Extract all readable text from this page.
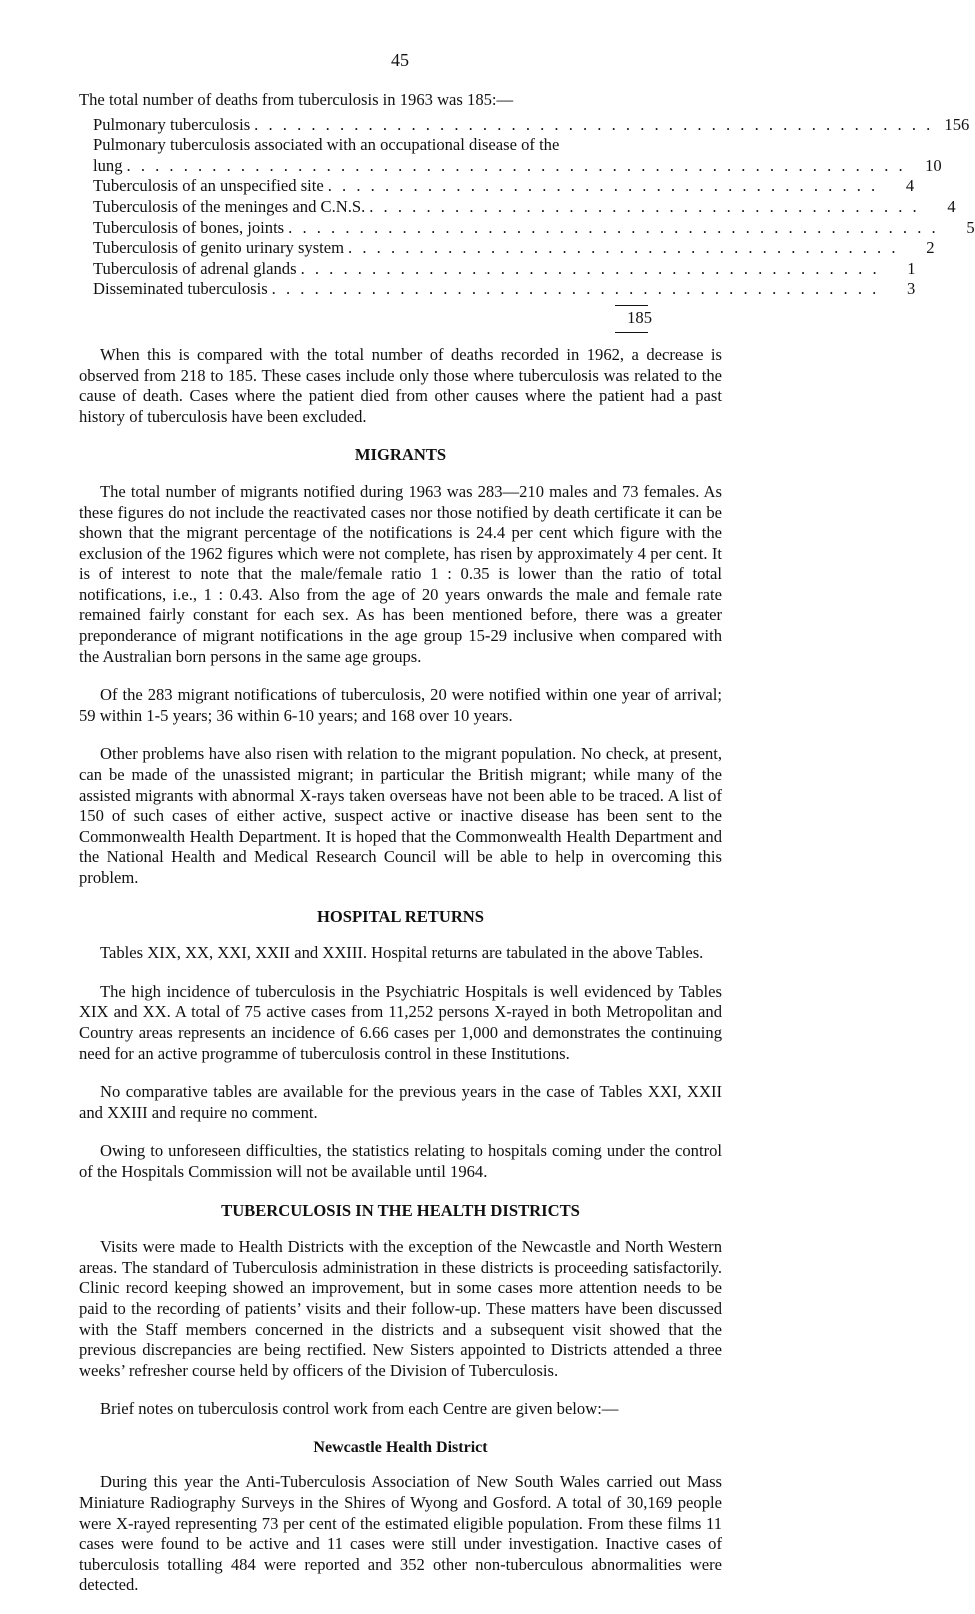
45

The total number of deaths from tuberculosis in 1963 was 185:—

Pulmonary tuberculosis . . . . . . . . . . . . . . . . . . . . . . . . . . . . . . . . . . . . . . . . . . . . . . . . 156
Pulmonary tuberculosis associated with an occupational disease of the
lung . . . . . . . . . . . . . . . . . . . . . . . . . . . . . . . . . . . . . . . . . . . . . . . . . . . . . . .	10
Tuberculosis of an unspecified site . . . . . . . . . . . . . . . . . . . . . . . . . . . . . . . . . . . . . . .	4
Tuberculosis of the meninges and C.N.S. . . . . . . . . . . . . . . . . . . . . . . . . . . . . . . . . . . . . . . .	4
Tuberculosis of bones, joints . . . . . . . . . . . . . . . . . . . . . . . . . . . . . . . . . . . . . . . . . . . . . .	5
Tuberculosis of genito urinary system . . . . . . . . . . . . . . . . . . . . . . . . . . . . . . . . . . . . . . .	2
Tuberculosis of adrenal glands . . . . . . . . . . . . . . . . . . . . . . . . . . . . . . . . . . . . . . . . .	1
Disseminated tuberculosis . . . . . . . . . . . . . . . . . . . . . . . . . . . . . . . . . . . . . . . . . . .	3
185

When this is compared with the total number of deaths recorded in 1962, a decrease is observed from 218 to 185. These cases include only those where tuberculosis was related to the cause of death. Cases where the patient died from other causes where the patient had a past history of tuberculosis have been excluded.

MIGRANTS

The total number of migrants notified during 1963 was 283—210 males and 73 females. As these figures do not include the reactivated cases nor those notified by death certificate it can be shown that the migrant percentage of the notifications is 24.4 per cent which figure with the exclusion of the 1962 figures which were not complete, has risen by approximately 4 per cent. It is of interest to note that the male/female ratio 1 : 0.35 is lower than the ratio of total notifications, i.e., 1 : 0.43. Also from the age of 20 years onwards the male and female rate remained fairly constant for each sex. As has been mentioned before, there was a greater preponderance of migrant notifications in the age group 15-29 inclusive when compared with the Australian born persons in the same age groups.

Of the 283 migrant notifications of tuberculosis, 20 were notified within one year of arrival; 59 within 1-5 years; 36 within 6-10 years; and 168 over 10 years.

Other problems have also risen with relation to the migrant population. No check, at present, can be made of the unassisted migrant; in particular the British migrant; while many of the assisted migrants with abnormal X-rays taken overseas have not been able to be traced. A list of 150 of such cases of either active, suspect active or inactive disease has been sent to the Commonwealth Health Department. It is hoped that the Commonwealth Health Department and the National Health and Medical Research Council will be able to help in overcoming this problem.

HOSPITAL RETURNS

Tables XIX, XX, XXI, XXII and XXIII. Hospital returns are tabulated in the above Tables.

The high incidence of tuberculosis in the Psychiatric Hospitals is well evidenced by Tables XIX and XX. A total of 75 active cases from 11,252 persons X-rayed in both Metropolitan and Country areas represents an incidence of 6.66 cases per 1,000 and demonstrates the continuing need for an active programme of tuberculosis control in these Institutions.

No comparative tables are available for the previous years in the case of Tables XXI, XXII and XXIII and require no comment.

Owing to unforeseen difficulties, the statistics relating to hospitals coming under the control of the Hospitals Commission will not be available until 1964.

TUBERCULOSIS IN THE HEALTH DISTRICTS

Visits were made to Health Districts with the exception of the Newcastle and North Western areas. The standard of Tuberculosis administration in these districts is proceeding satisfactorily. Clinic record keeping showed an improvement, but in some cases more attention needs to be paid to the recording of patients’ visits and their follow-up. These matters have been discussed with the Staff members concerned in the districts and a subsequent visit showed that the previous discrepancies are being rectified. New Sisters appointed to Districts attended a three weeks’ refresher course held by officers of the Division of Tuberculosis.

Brief notes on tuberculosis control work from each Centre are given below:—

Newcastle Health District

During this year the Anti-Tuberculosis Association of New South Wales carried out Mass Miniature Radiography Surveys in the Shires of Wyong and Gosford. A total of 30,169 people were X-rayed representing 73 per cent of the estimated eligible population. From these films 11 cases were found to be active and 11 cases were still under investigation. Inactive cases of tuberculosis totalling 484 were reported and 352 other non-tuberculous abnormalities were detected.
